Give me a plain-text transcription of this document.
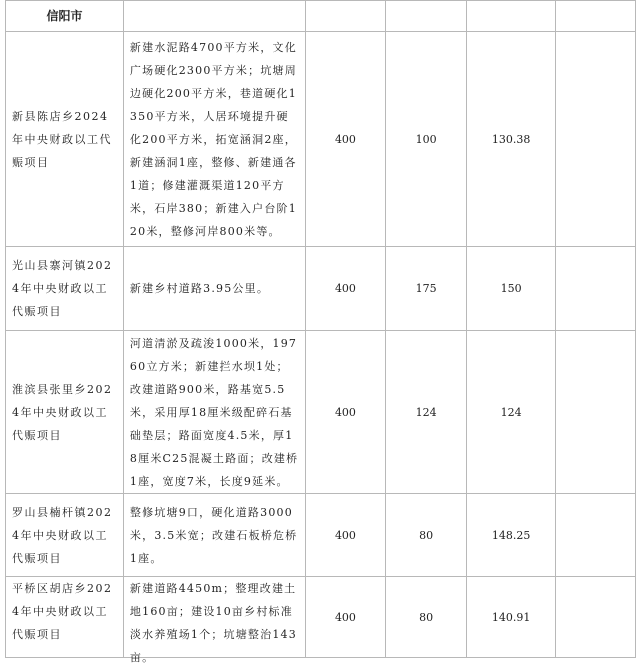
信阳市					
新县陈店乡2024年中央财政以工代赈项目	新建水泥路4700平方米，文化广场硬化2300平方米；坑塘周边硬化200平方米，巷道硬化1350平方米，人居环境提升硬化200平方米，拓宽涵洞2座，新建涵洞1座，整修、新建通各1道；修建灌溉渠道120平方米，石岸380；新建入户台阶120米，整修河岸800米等。	400	100	130.38	
光山县寨河镇2024年中央财政以工代赈项目	新建乡村道路3.95公里。	400	175	150	
淮滨县张里乡2024年中央财政以工代赈项目	河道清淤及疏浚1000米，19760立方米；新建拦水坝1处；改建道路900米，路基宽5.5米，采用厚18厘米级配碎石基础垫层；路面宽度4.5米，厚18厘米C25混凝土路面；改建桥1座，宽度7米，长度9延米。	400	124	124	
罗山县楠杆镇2024年中央财政以工代赈项目	整修坑塘9口，硬化道路3000米，3.5米宽；改建石板桥危桥1座。	400	80	148.25	

平桥区胡店乡2024年中央财政以工代赈项目	新建道路4450m；整理改建土地160亩；建设10亩乡村标准淡水养殖场1个；坑塘整治143亩。	400	80	140.91	
